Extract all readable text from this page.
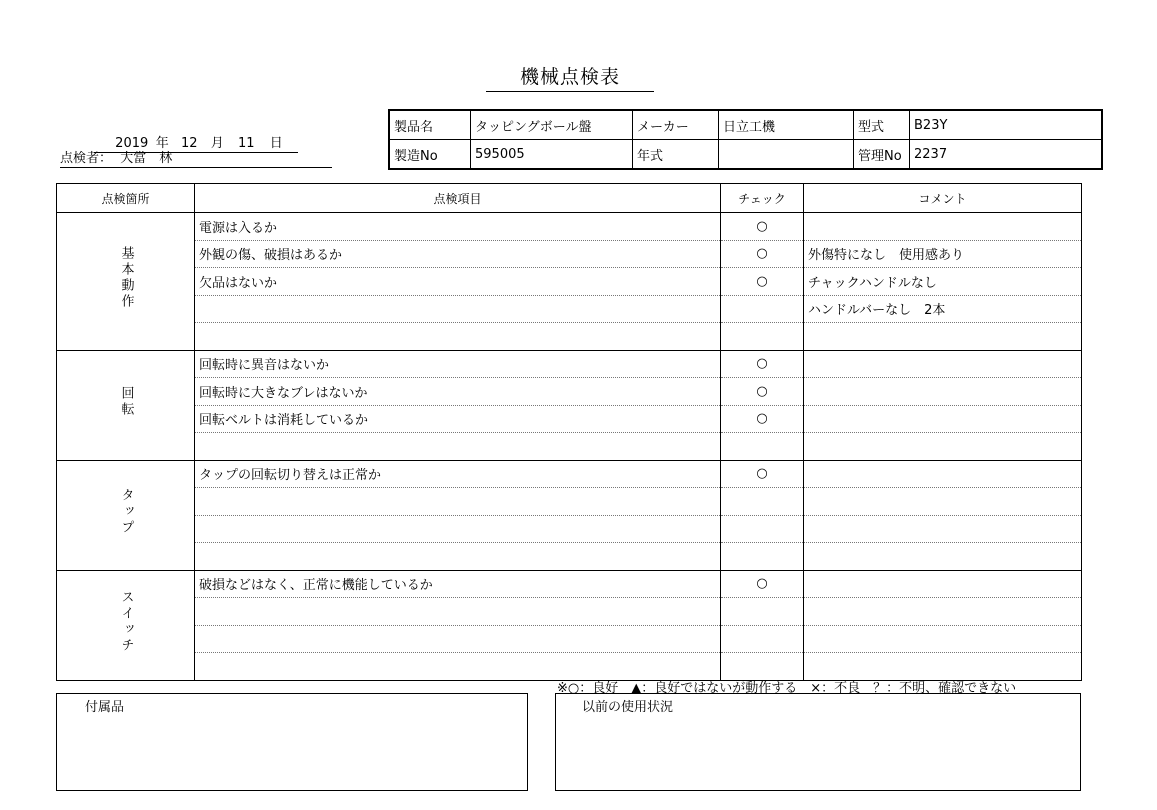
機械点検表

2019 年 12 月 11 日

点検者： 大當　林
製品名	タッピングボール盤	メーカー	日立工機	型式	B23Y
製造No	595005	年式		管理No	2237
点検箇所	点検項目	チェック	コメント
基本動作	電源は入るか	○	
	外観の傷、破損はあるか	○	外傷特になし　使用感あり
	欠品はないか	○	チャックハンドルなし
			ハンドルバーなし　2本

回転	回転時に異音はないか	○	
	回転時に大きなブレはないか	○	
	回転ベルトは消耗しているか	○	

タップ	タップの回転切り替えは正常か	○	

スイッチ	破損などはなく、正常に機能しているか	○	

※○：良好　▲：良好ではないが動作する　×：不良　？：不明、確認できない
付属品	以前の使用状況
